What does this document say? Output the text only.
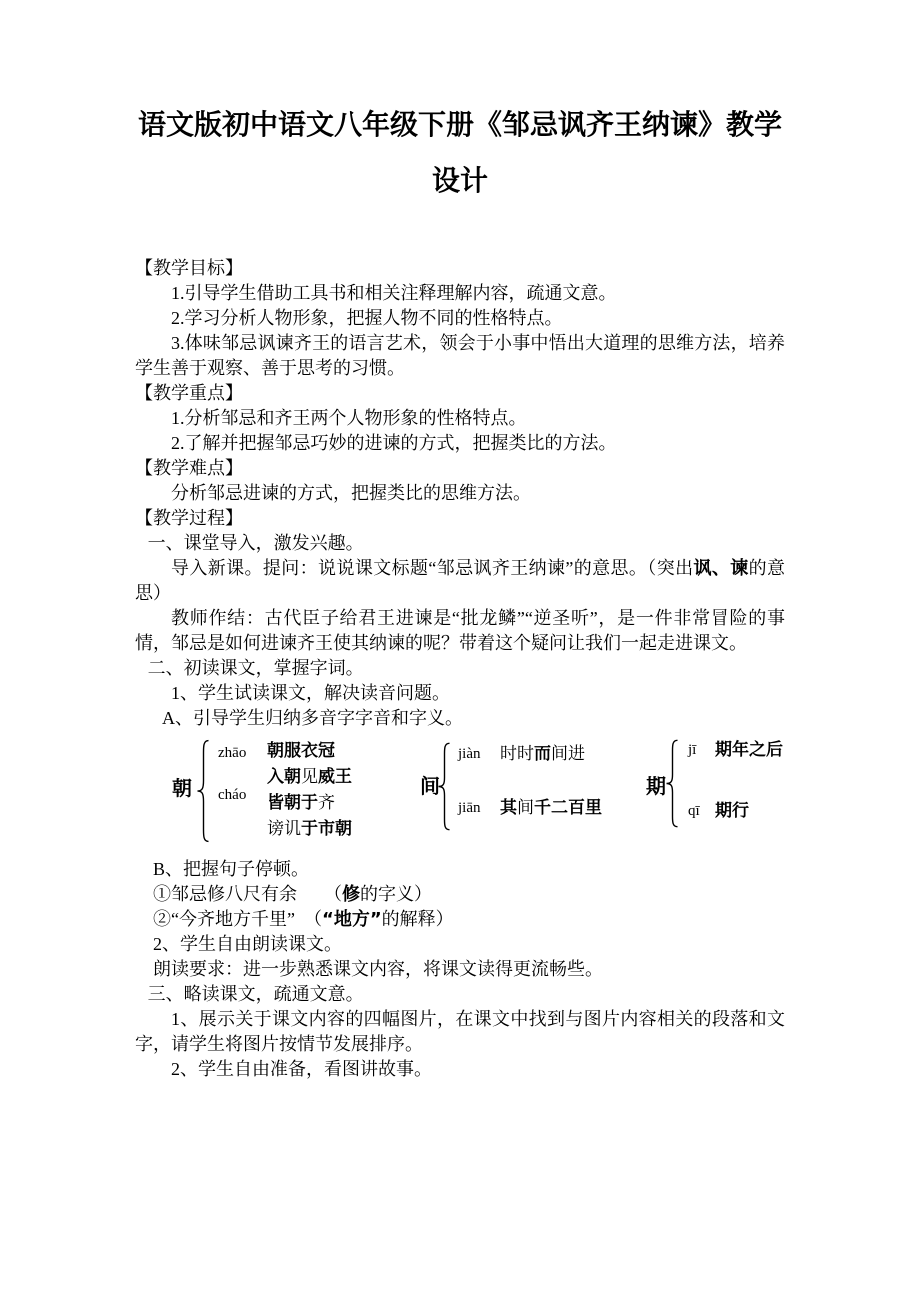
语文版初中语文八年级下册《邹忌讽齐王纳谏》教学
设计

【教学目标】

1.引导学生借助工具书和相关注释理解内容，疏通文意。

2.学习分析人物形象，把握人物不同的性格特点。

3.体味邹忌讽谏齐王的语言艺术，领会于小事中悟出大道理的思维方法，培养学生善于观察、善于思考的习惯。

【教学重点】

1.分析邹忌和齐王两个人物形象的性格特点。

2.了解并把握邹忌巧妙的进谏的方式，把握类比的方法。

【教学难点】

分析邹忌进谏的方式，把握类比的思维方法。

【教学过程】

一、课堂导入，激发兴趣。

导入新课。提问：说说课文标题“邹忌讽齐王纳谏”的意思。（突出讽、谏的意思）

教师作结：古代臣子给君王进谏是“批龙鳞”“逆圣听”，是一件非常冒险的事情，邹忌是如何进谏齐王使其纳谏的呢？带着这个疑问让我们一起走进课文。

二、初读课文，掌握字词。

1、学生试读课文，解决读音问题。

A、引导学生归纳多音字字音和字义。

朝
zhāo
cháo
朝服衣冠
入朝见威王
皆朝于齐
谤讥于市朝
间
jiàn
jiān
时时而间进
其间千二百里
期
jī
qī
期年之后
期行

B、把握句子停顿。

①邹忌修八尺有余　　（修的字义）

②“今齐地方千里”　（“地方”的解释）

2、学生自由朗读课文。

朗读要求：进一步熟悉课文内容，将课文读得更流畅些。

三、略读课文，疏通文意。

1、展示关于课文内容的四幅图片，在课文中找到与图片内容相关的段落和文字，请学生将图片按情节发展排序。

2、学生自由准备，看图讲故事。
